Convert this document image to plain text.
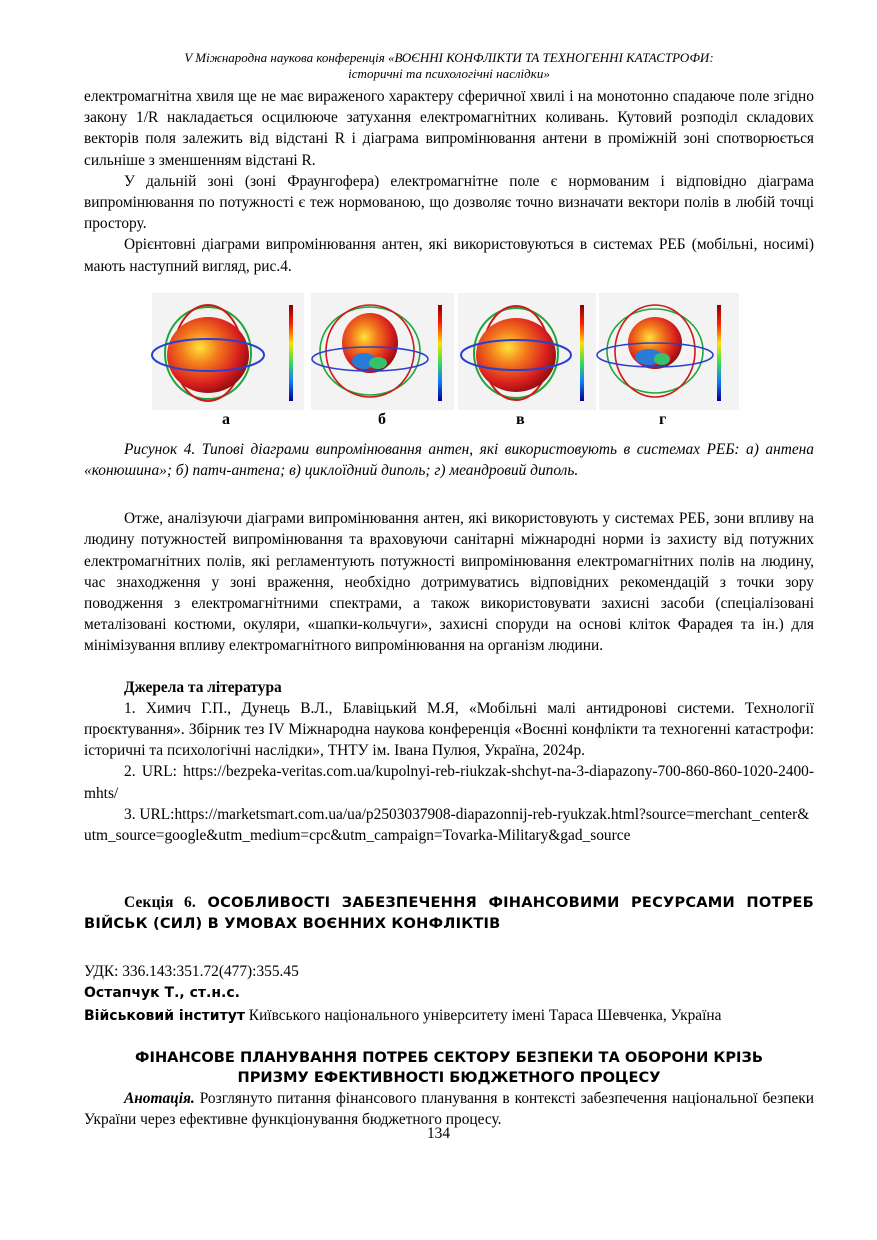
V Міжнародна наукова конференція «ВОЄННІ КОНФЛІКТИ ТА ТЕХНОГЕННІ КАТАСТРОФИ:
історичні та психологічні наслідки»

електромагнітна хвиля ще не має вираженого характеру сферичної хвилі і на монотонно спадаюче поле згідно закону 1/R накладається осцилююче затухання електромагнітних коливань. Кутовий розподіл складових векторів поля залежить від відстані R і діаграма випромінювання антени в проміжній зоні спотворюється сильніше з зменшенням відстані R.

У дальній зоні (зоні Фраунгофера) електромагнітне поле є нормованим і відповідно діаграма випромінювання по потужності є теж нормованою, що дозволяє точно визначати вектори полів в любій точці простору.

Орієнтовні діаграми випромінювання антен, які використовуються в системах РЕБ (мобільні, носимі) мають наступний вигляд, рис.4.

а	б	в	г

Рисунок 4. Типові діаграми випромінювання антен, які використовують в системах РЕБ: а) антена «конюшина»; б) патч-антена; в) циклоїдний диполь; г) меандровий диполь.

Отже, аналізуючи діаграми випромінювання антен, які використовують у системах РЕБ, зони впливу на людину потужностей випромінювання та враховуючи санітарні міжнародні норми із захисту від потужних електромагнітних полів, які регламентують потужності випромінювання електромагнітних полів на людину, час знаходження у зоні враження, необхідно дотримуватись відповідних рекомендацій з точки зору поводження з електромагнітними спектрами, а також використовувати захисні засоби (спеціалізовані металізовані костюми, окуляри, «шапки-кольчуги», захисні споруди на основі кліток Фарадея та ін.) для мінімізування впливу електромагнітного випромінювання на організм людини.

Джерела та література

1. Химич Г.П., Дунець В.Л., Блавіцький М.Я, «Мобільні малі антидронові системи. Технології проєктування». Збірник тез IV Міжнародна наукова конференція «Воєнні конфлікти та техногенні катастрофи: історичні та психологічні наслідки», ТНТУ ім. Івана Пулюя, Україна, 2024р.

2. URL: https://bezpeka-veritas.com.ua/kupolnyi-reb-riukzak-shchyt-na-3-diapazony-700-860-860-1020-2400-mhts/

3. URL:https://marketsmart.com.ua/ua/p2503037908-diapazonnij-reb-ryukzak.html?source=merchant_center&utm_source=google&utm_medium=cpc&utm_campaign=Tovarka-Military&gad_source

Секція 6. ОСОБЛИВОСТІ ЗАБЕЗПЕЧЕННЯ ФІНАНСОВИМИ РЕСУРСАМИ ПОТРЕБ ВІЙСЬК (СИЛ) В УМОВАХ ВОЄННИХ КОНФЛІКТІВ

УДК: 336.143:351.72(477):355.45

Остапчук Т., ст.н.с.

Військовий інститут Київського національного університету імені Тараса Шевченка, Україна

ФІНАНСОВЕ ПЛАНУВАННЯ ПОТРЕБ СЕКТОРУ БЕЗПЕКИ ТА ОБОРОНИ КРІЗЬ
ПРИЗМУ ЕФЕКТИВНОСТІ БЮДЖЕТНОГО ПРОЦЕСУ

Анотація. Розглянуто питання фінансового планування в контексті забезпечення національної безпеки України через ефективне функціонування бюджетного процесу.

134
